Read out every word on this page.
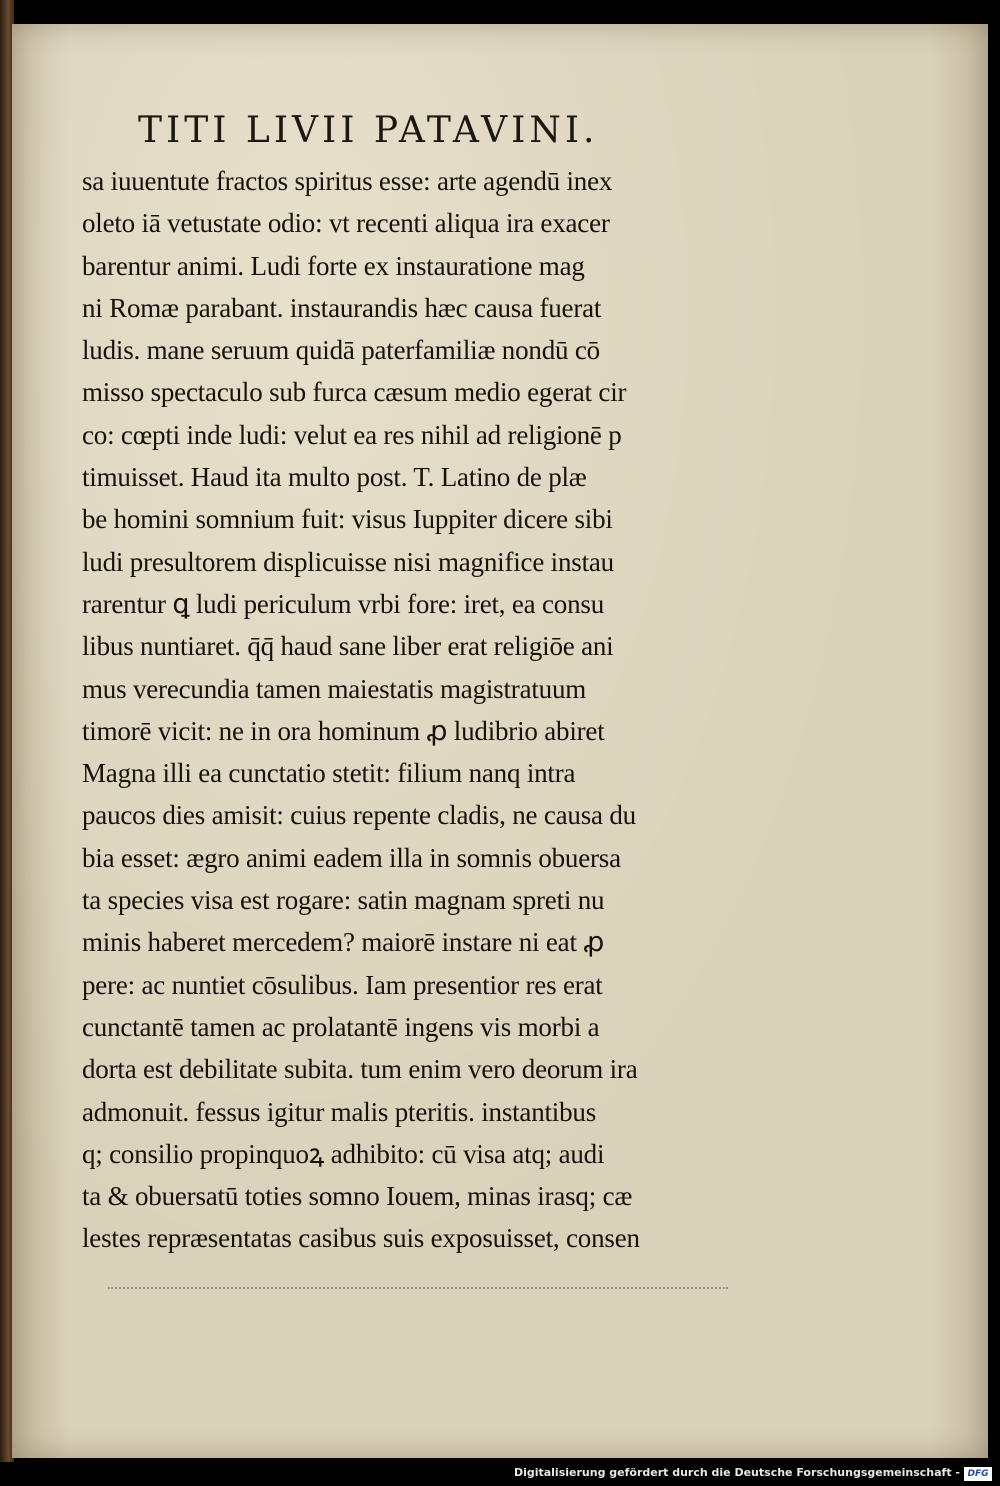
TITI LIVII PATAVINI.
sa iuuentute fractos spiritus esse: arte agendū inex
oleto iā vetustate odio: vt recenti aliqua ira exacer
barentur animi. Ludi forte ex instauratione mag
ni Romæ parabant. instaurandis hæc causa fuerat
ludis. mane seruum quidā paterfamiliæ nondū cō
misso spectaculo sub furca cæsum medio egerat cir
co: cœpti inde ludi: velut ea res nihil ad religionē p
timuisset. Haud ita multo post. T. Latino de plæ
be homini somnium fuit: visus Iuppiter dicere sibi
ludi presultorem displicuisse nisi magnifice instau
rarentur ꝗ ludi periculum vrbi fore: iret, ea consu
libus nuntiaret. q̄q̄ haud sane liber erat religiōe ani
mus verecundia tamen maiestatis magistratuum
timorē vicit: ne in ora hominum ꝓ ludibrio abiret
Magna illi ea cunctatio stetit: filium nanq intra
paucos dies amisit: cuius repente cladis, ne causa du
bia esset: ægro animi eadem illa in somnis obuersa
ta species visa est rogare: satin magnam spreti nu
minis haberet mercedem? maiorē instare ni eat ꝓ
pere: ac nuntiet cōsulibus. Iam presentior res erat
cunctantē tamen ac prolatantē ingens vis morbi a
dorta est debilitate subita. tum enim vero deorum ira
admonuit. fessus igitur malis pteritis. instantibus
q; consilio propinquoꝝ adhibito: cū visa atq; audi
ta & obuersatū toties somno Iouem, minas irasq; cæ
lestes repræsentatas casibus suis exposuisset, consen
Digitalisierung gefördert durch die Deutsche Forschungsgemeinschaft - DFG
